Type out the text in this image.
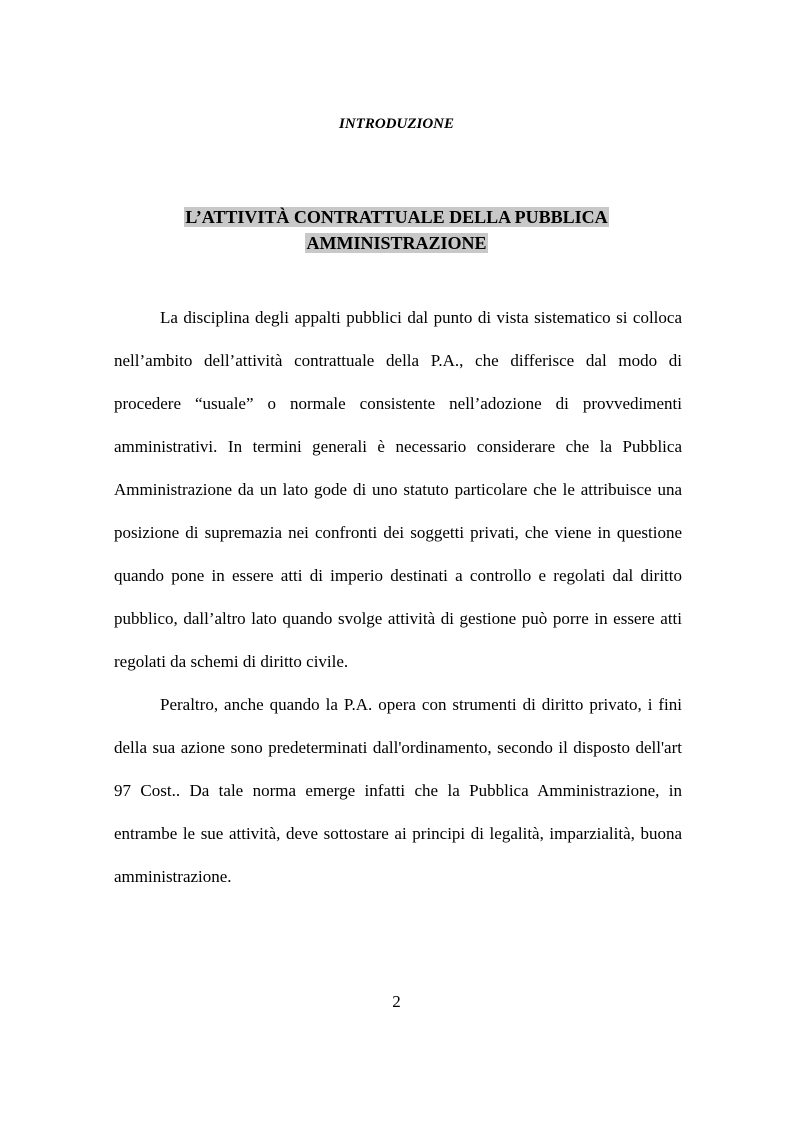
INTRODUZIONE
L’ATTIVITÀ CONTRATTUALE DELLA PUBBLICA
AMMINISTRAZIONE

La disciplina degli appalti pubblici dal punto di vista sistematico si colloca nell’ambito dell’attività contrattuale della P.A., che differisce dal modo di procedere “usuale” o normale consistente nell’adozione di provvedimenti amministrativi. In termini generali è necessario considerare che la Pubblica Amministrazione da un lato gode di uno statuto particolare che le attribuisce una posizione di supremazia nei confronti dei soggetti privati, che viene in questione quando pone in essere atti di imperio destinati a controllo e regolati dal diritto pubblico, dall’altro lato quando svolge attività di gestione può porre in essere atti regolati da schemi di diritto civile.

Peraltro, anche quando la P.A. opera con strumenti di diritto privato, i fini della sua azione sono predeterminati dall'ordinamento, secondo il disposto dell'art 97 Cost.. Da tale norma emerge infatti che la Pubblica Amministrazione, in entrambe le sue attività, deve sottostare ai principi di legalità, imparzialità, buona amministrazione.

2
